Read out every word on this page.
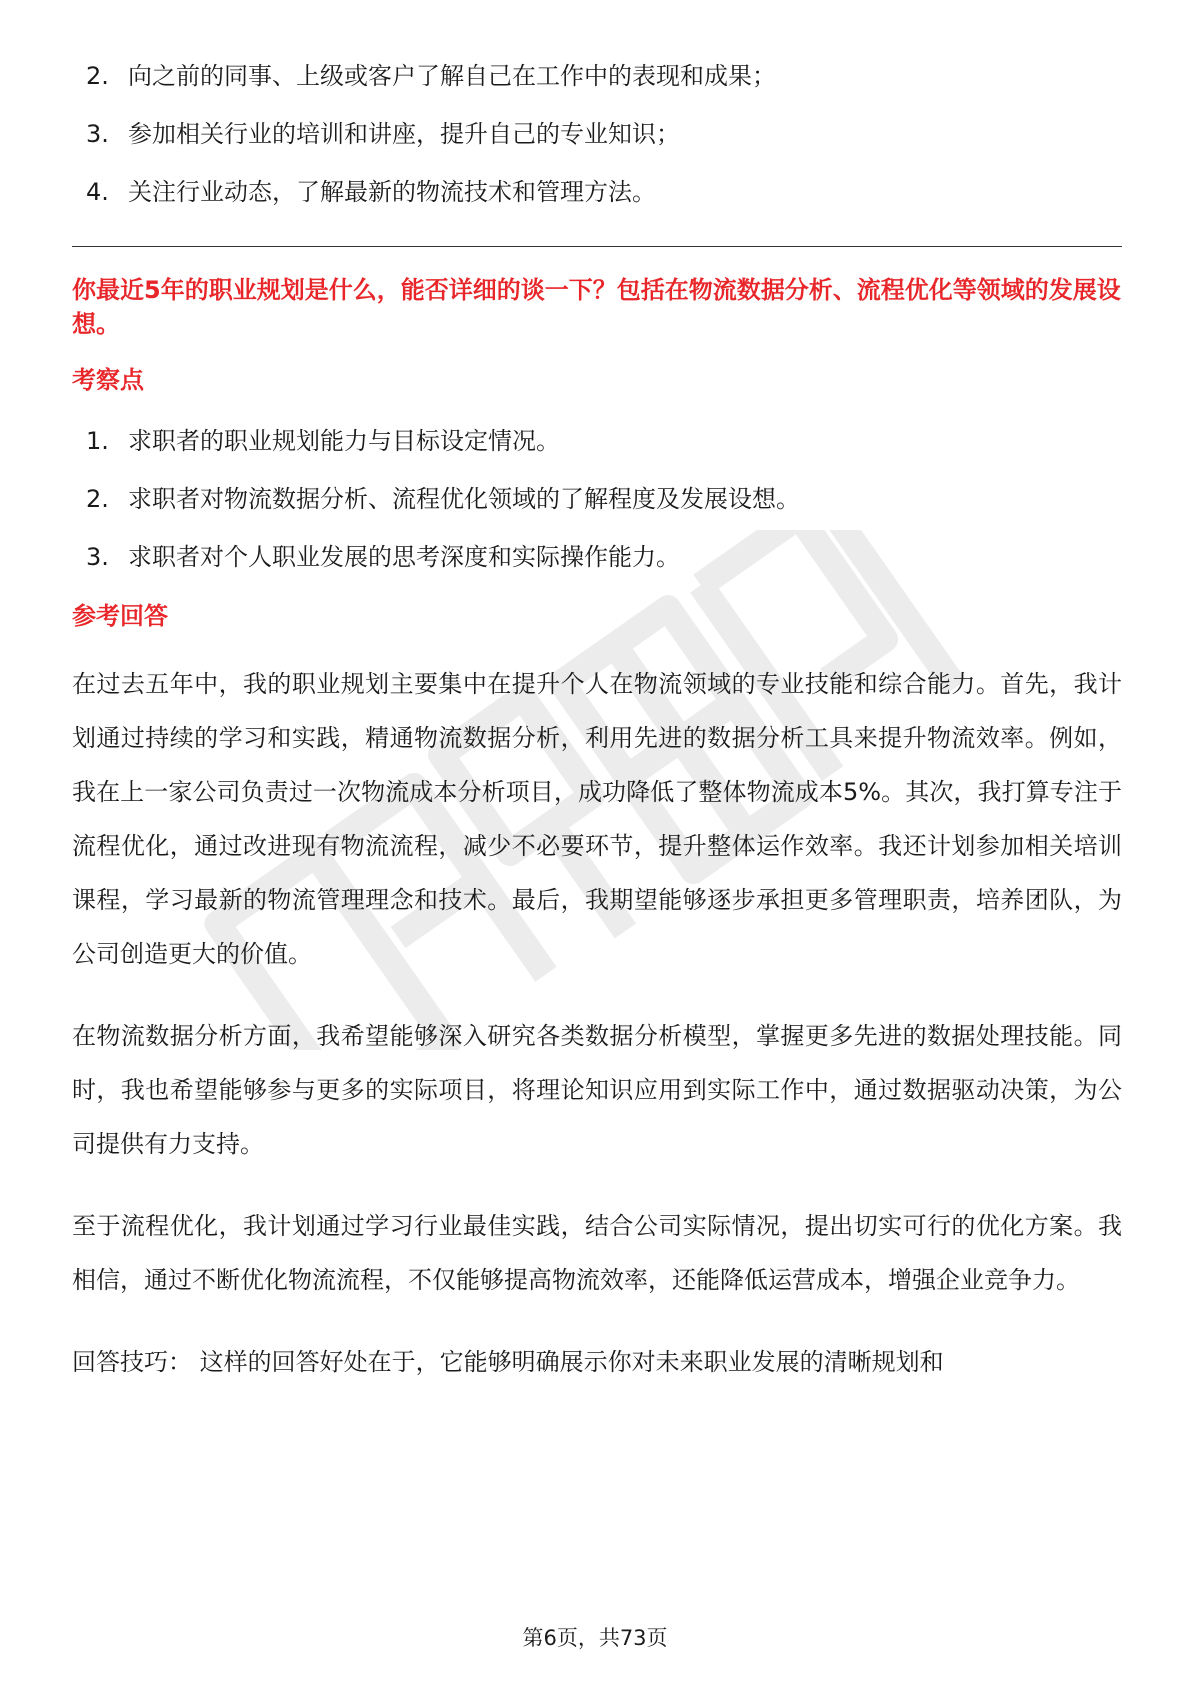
2. 向之前的同事、上级或客户了解自己在工作中的表现和成果；
3. 参加相关行业的培训和讲座，提升自己的专业知识；
4. 关注行业动态，了解最新的物流技术和管理方法。

你最近5年的职业规划是什么，能否详细的谈一下？包括在物流数据分析、流程优化等领域的发展设想。

考察点
1. 求职者的职业规划能力与目标设定情况。
2. 求职者对物流数据分析、流程优化领域的了解程度及发展设想。
3. 求职者对个人职业发展的思考深度和实际操作能力。
参考回答

在过去五年中，我的职业规划主要集中在提升个人在物流领域的专业技能和综合能力。首先，我计划通过持续的学习和实践，精通物流数据分析，利用先进的数据分析工具来提升物流效率。例如，我在上一家公司负责过一次物流成本分析项目，成功降低了整体物流成本5%。其次，我打算专注于流程优化，通过改进现有物流流程，减少不必要环节，提升整体运作效率。我还计划参加相关培训课程，学习最新的物流管理理念和技术。最后，我期望能够逐步承担更多管理职责，培养团队，为公司创造更大的价值。

在物流数据分析方面，我希望能够深入研究各类数据分析模型，掌握更多先进的数据处理技能。同时，我也希望能够参与更多的实际项目，将理论知识应用到实际工作中，通过数据驱动决策，为公司提供有力支持。

至于流程优化，我计划通过学习行业最佳实践，结合公司实际情况，提出切实可行的优化方案。我相信，通过不断优化物流流程，不仅能够提高物流效率，还能降低运营成本，增强企业竞争力。

回答技巧： 这样的回答好处在于，它能够明确展示你对未来职业发展的清晰规划和

第6页，共73页
